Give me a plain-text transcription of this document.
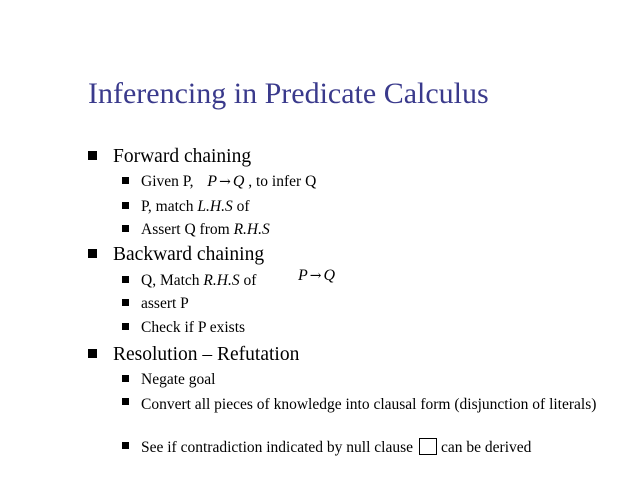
Inferencing in Predicate Calculus
Forward chaining
Given P, P → Q , to infer Q
P, match L.H.S of
Assert Q from R.H.S
Backward chaining
P → Q
Q, Match R.H.S of
assert P
Check if P exists
Resolution – Refutation
Negate goal
Convert all pieces of knowledge into clausal form (disjunction of literals)
See if contradiction indicated by null clause can be derived
